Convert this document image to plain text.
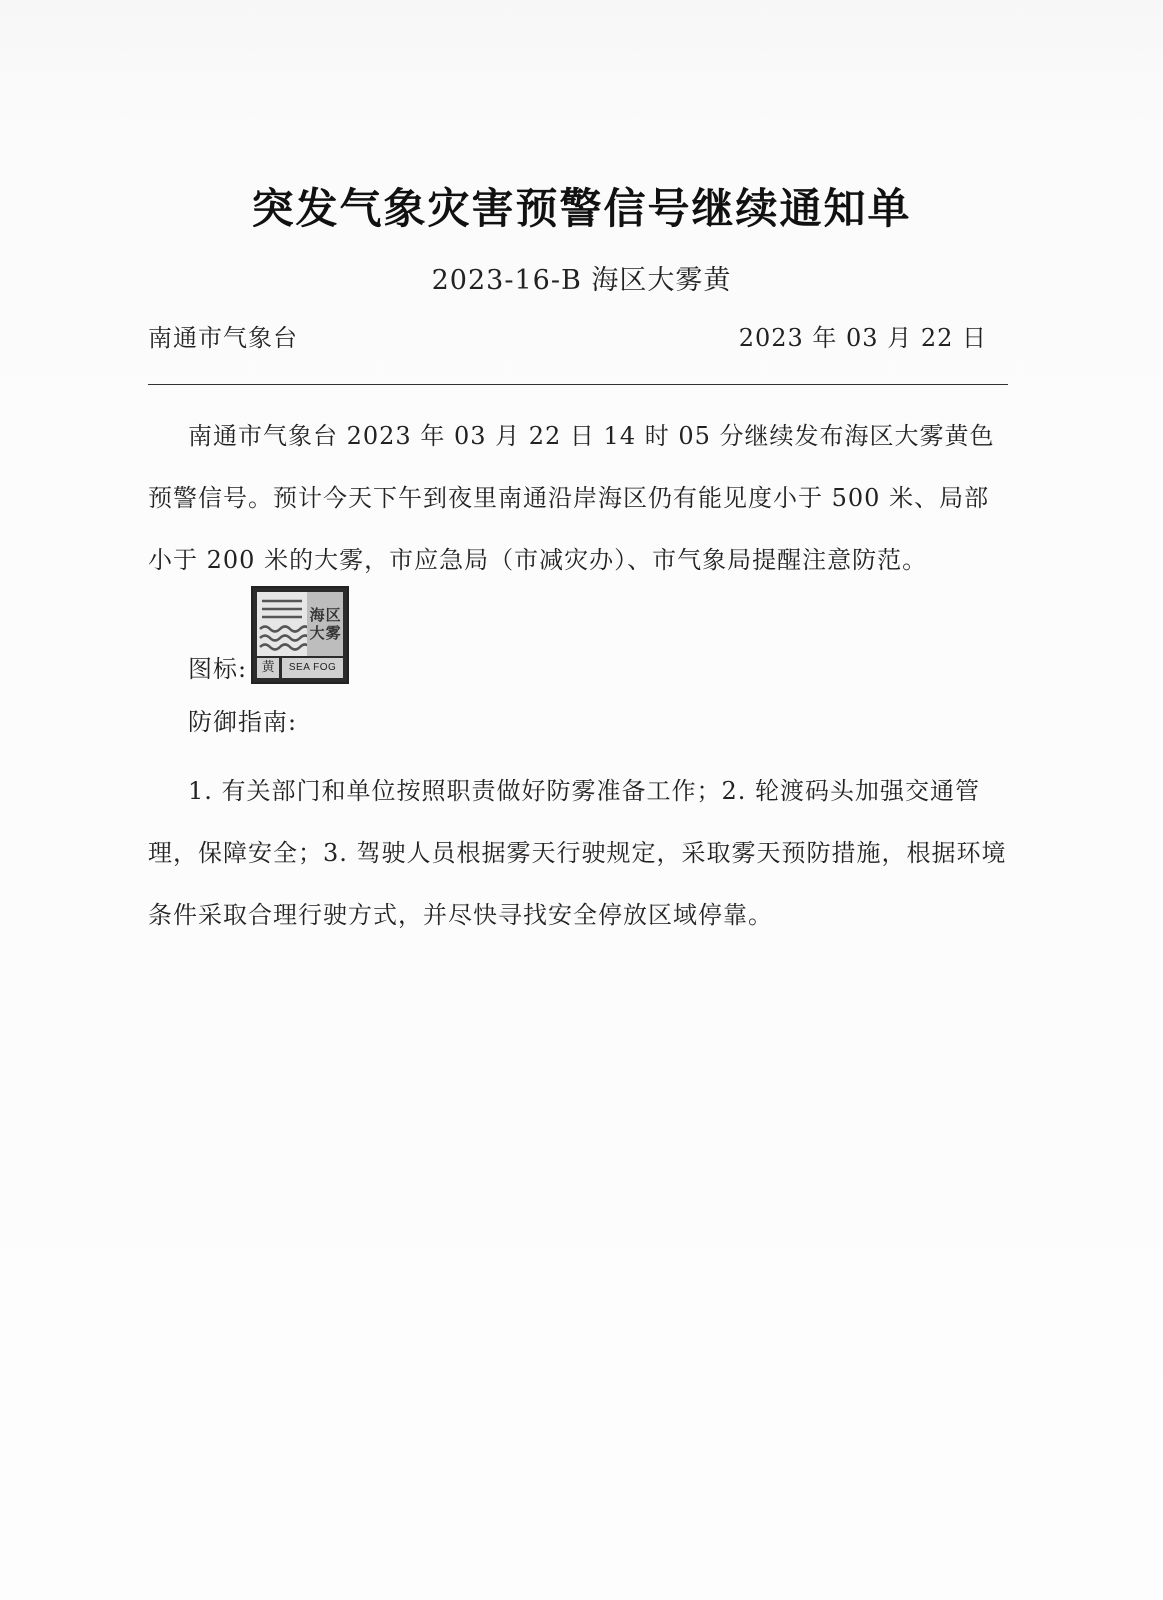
突发气象灾害预警信号继续通知单
2023-16-B 海区大雾黄
南通市气象台	2023 年 03 月 22 日
南通市气象台 2023 年 03 月 22 日 14 时 05 分继续发布海区大雾黄色预警信号。预计今天下午到夜里南通沿岸海区仍有能见度小于 500 米、局部小于 200 米的大雾，市应急局（市减灾办）、市气象局提醒注意防范。
图标:
海 区
大 雾
黄	SEA FOG
防御指南:
1. 有关部门和单位按照职责做好防雾准备工作；2. 轮渡码头加强交通管理，保障安全；3. 驾驶人员根据雾天行驶规定，采取雾天预防措施，根据环境条件采取合理行驶方式，并尽快寻找安全停放区域停靠。
